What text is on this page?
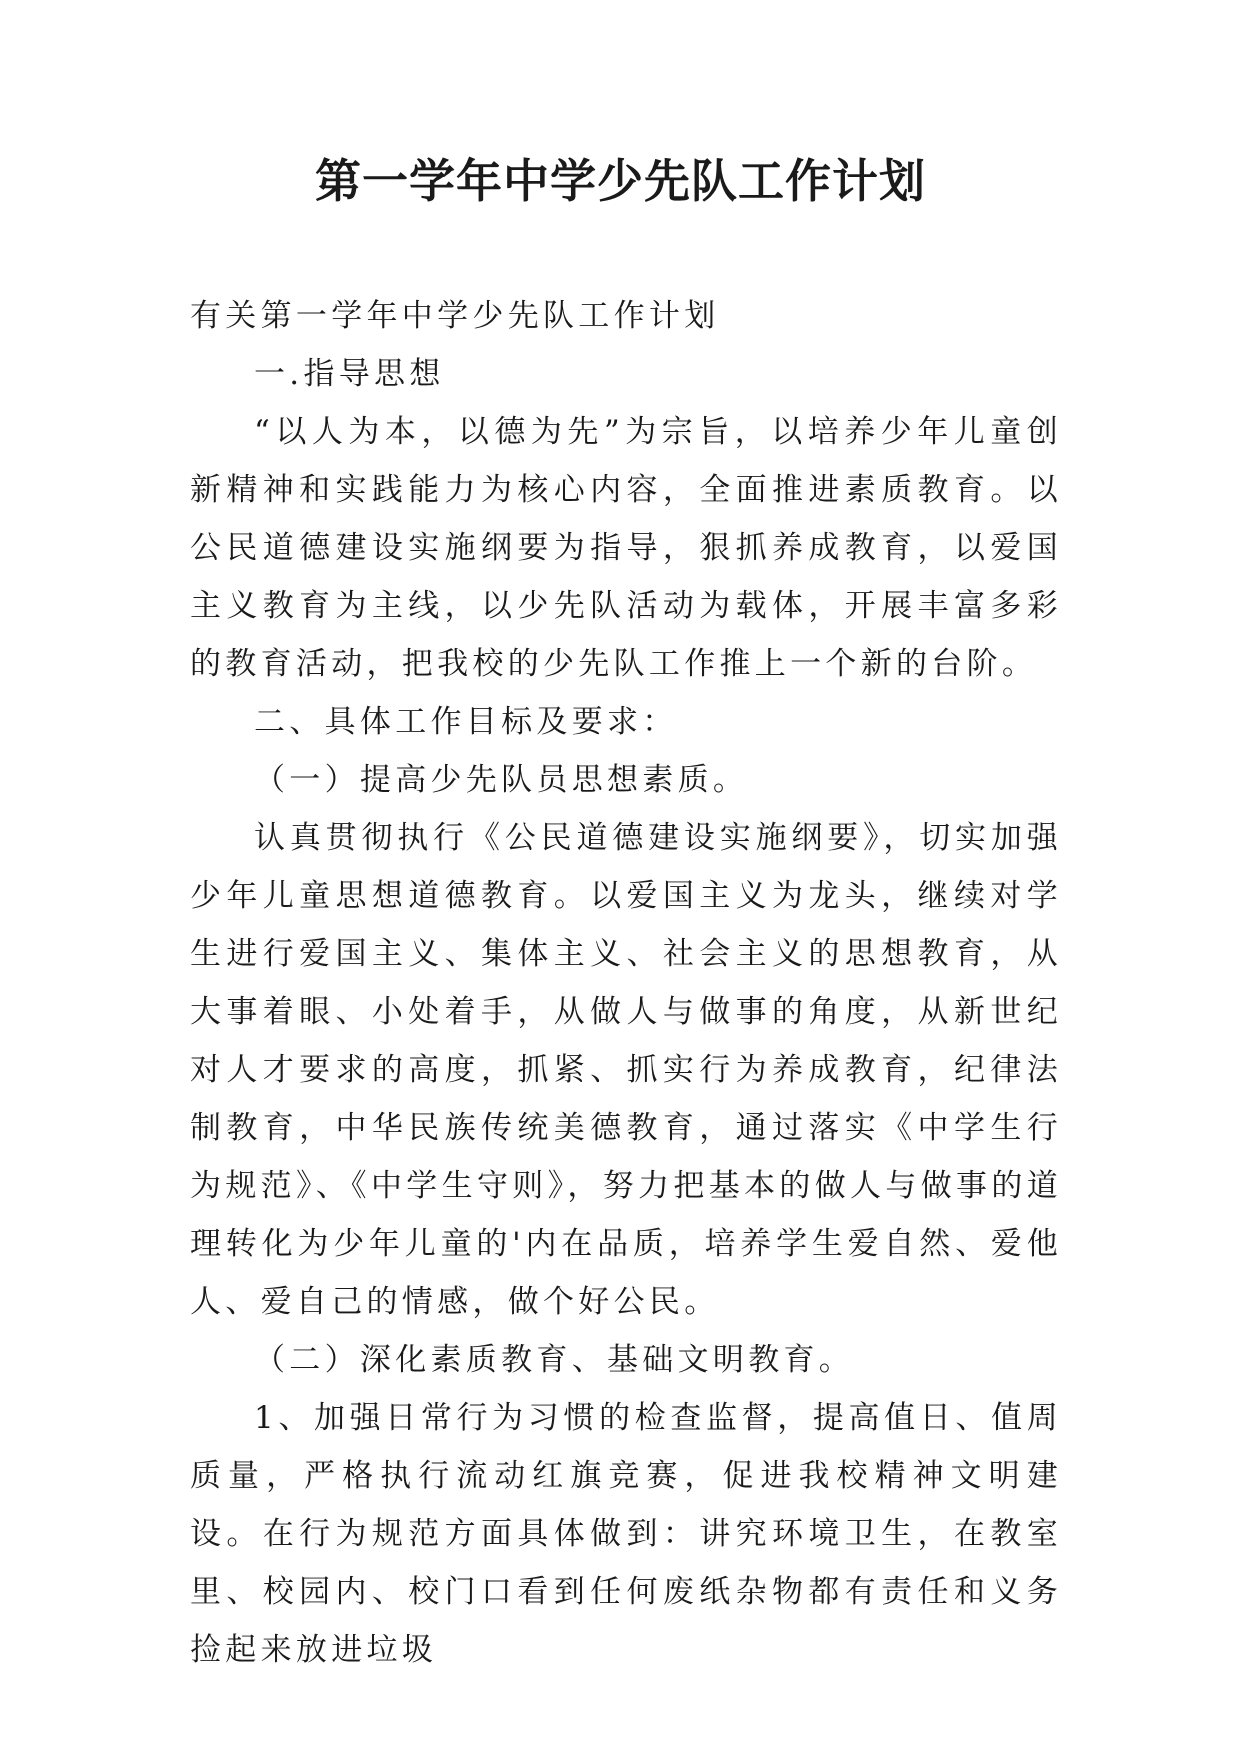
第一学年中学少先队工作计划

有关第一学年中学少先队工作计划

一.指导思想

“以人为本，以德为先”为宗旨，以培养少年儿童创新精神和实践能力为核心内容，全面推进素质教育。以公民道德建设实施纲要为指导，狠抓养成教育，以爱国主义教育为主线，以少先队活动为载体，开展丰富多彩的教育活动，把我校的少先队工作推上一个新的台阶。

二、具体工作目标及要求：

（一）提高少先队员思想素质。

认真贯彻执行《公民道德建设实施纲要》，切实加强少年儿童思想道德教育。以爱国主义为龙头，继续对学生进行爱国主义、集体主义、社会主义的思想教育，从大事着眼、小处着手，从做人与做事的角度，从新世纪对人才要求的高度，抓紧、抓实行为养成教育，纪律法制教育，中华民族传统美德教育，通过落实《中学生行为规范》、《中学生守则》，努力把基本的做人与做事的道理转化为少年儿童的'内在品质，培养学生爱自然、爱他人、爱自己的情感，做个好公民。

（二）深化素质教育、基础文明教育。

1、加强日常行为习惯的检查监督，提高值日、值周质量，严格执行流动红旗竞赛，促进我校精神文明建设。在行为规范方面具体做到：讲究环境卫生，在教室里、校园内、校门口看到任何废纸杂物都有责任和义务捡起来放进垃圾
